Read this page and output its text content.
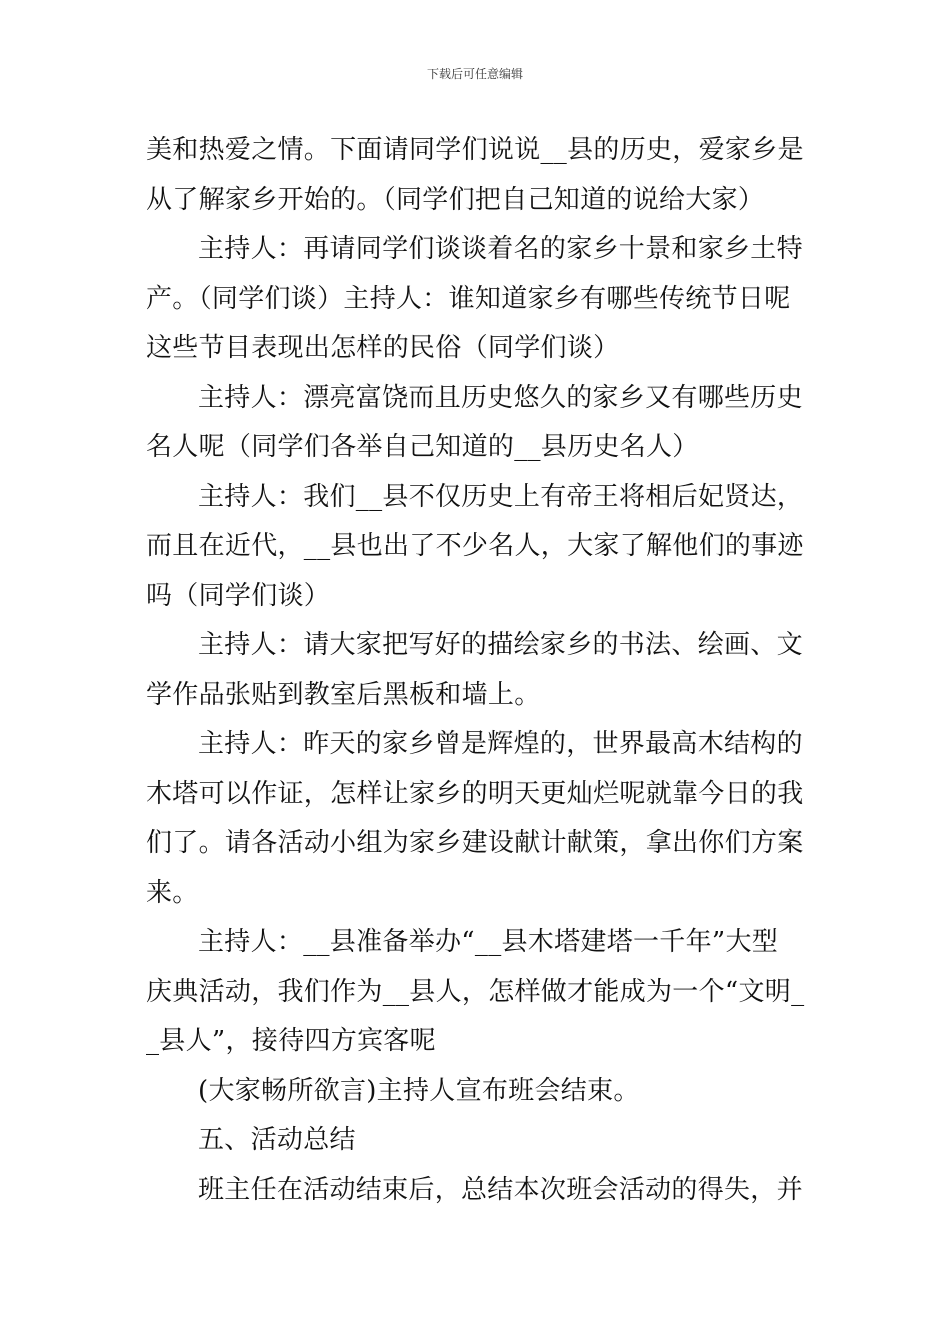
下载后可任意编辑
美和热爱之情。下面请同学们说说__县的历史，爱家乡是
从了解家乡开始的。（同学们把自己知道的说给大家）
主持人：再请同学们谈谈着名的家乡十景和家乡土特
产。（同学们谈）主持人：谁知道家乡有哪些传统节日呢
这些节目表现出怎样的民俗（同学们谈）
主持人：漂亮富饶而且历史悠久的家乡又有哪些历史
名人呢（同学们各举自己知道的__县历史名人）
主持人：我们__县不仅历史上有帝王将相后妃贤达，
而且在近代，__县也出了不少名人，大家了解他们的事迹
吗（同学们谈）
主持人：请大家把写好的描绘家乡的书法、绘画、文
学作品张贴到教室后黑板和墙上。
主持人：昨天的家乡曾是辉煌的，世界最高木结构的
木塔可以作证，怎样让家乡的明天更灿烂呢就靠今日的我
们了。请各活动小组为家乡建设献计献策，拿出你们方案
来。
主持人：__县准备举办“__县木塔建塔一千年”大型
庆典活动，我们作为__县人，怎样做才能成为一个“文明_
_县人”，接待四方宾客呢
(大家畅所欲言)主持人宣布班会结束。
五、活动总结
班主任在活动结束后，总结本次班会活动的得失，并
